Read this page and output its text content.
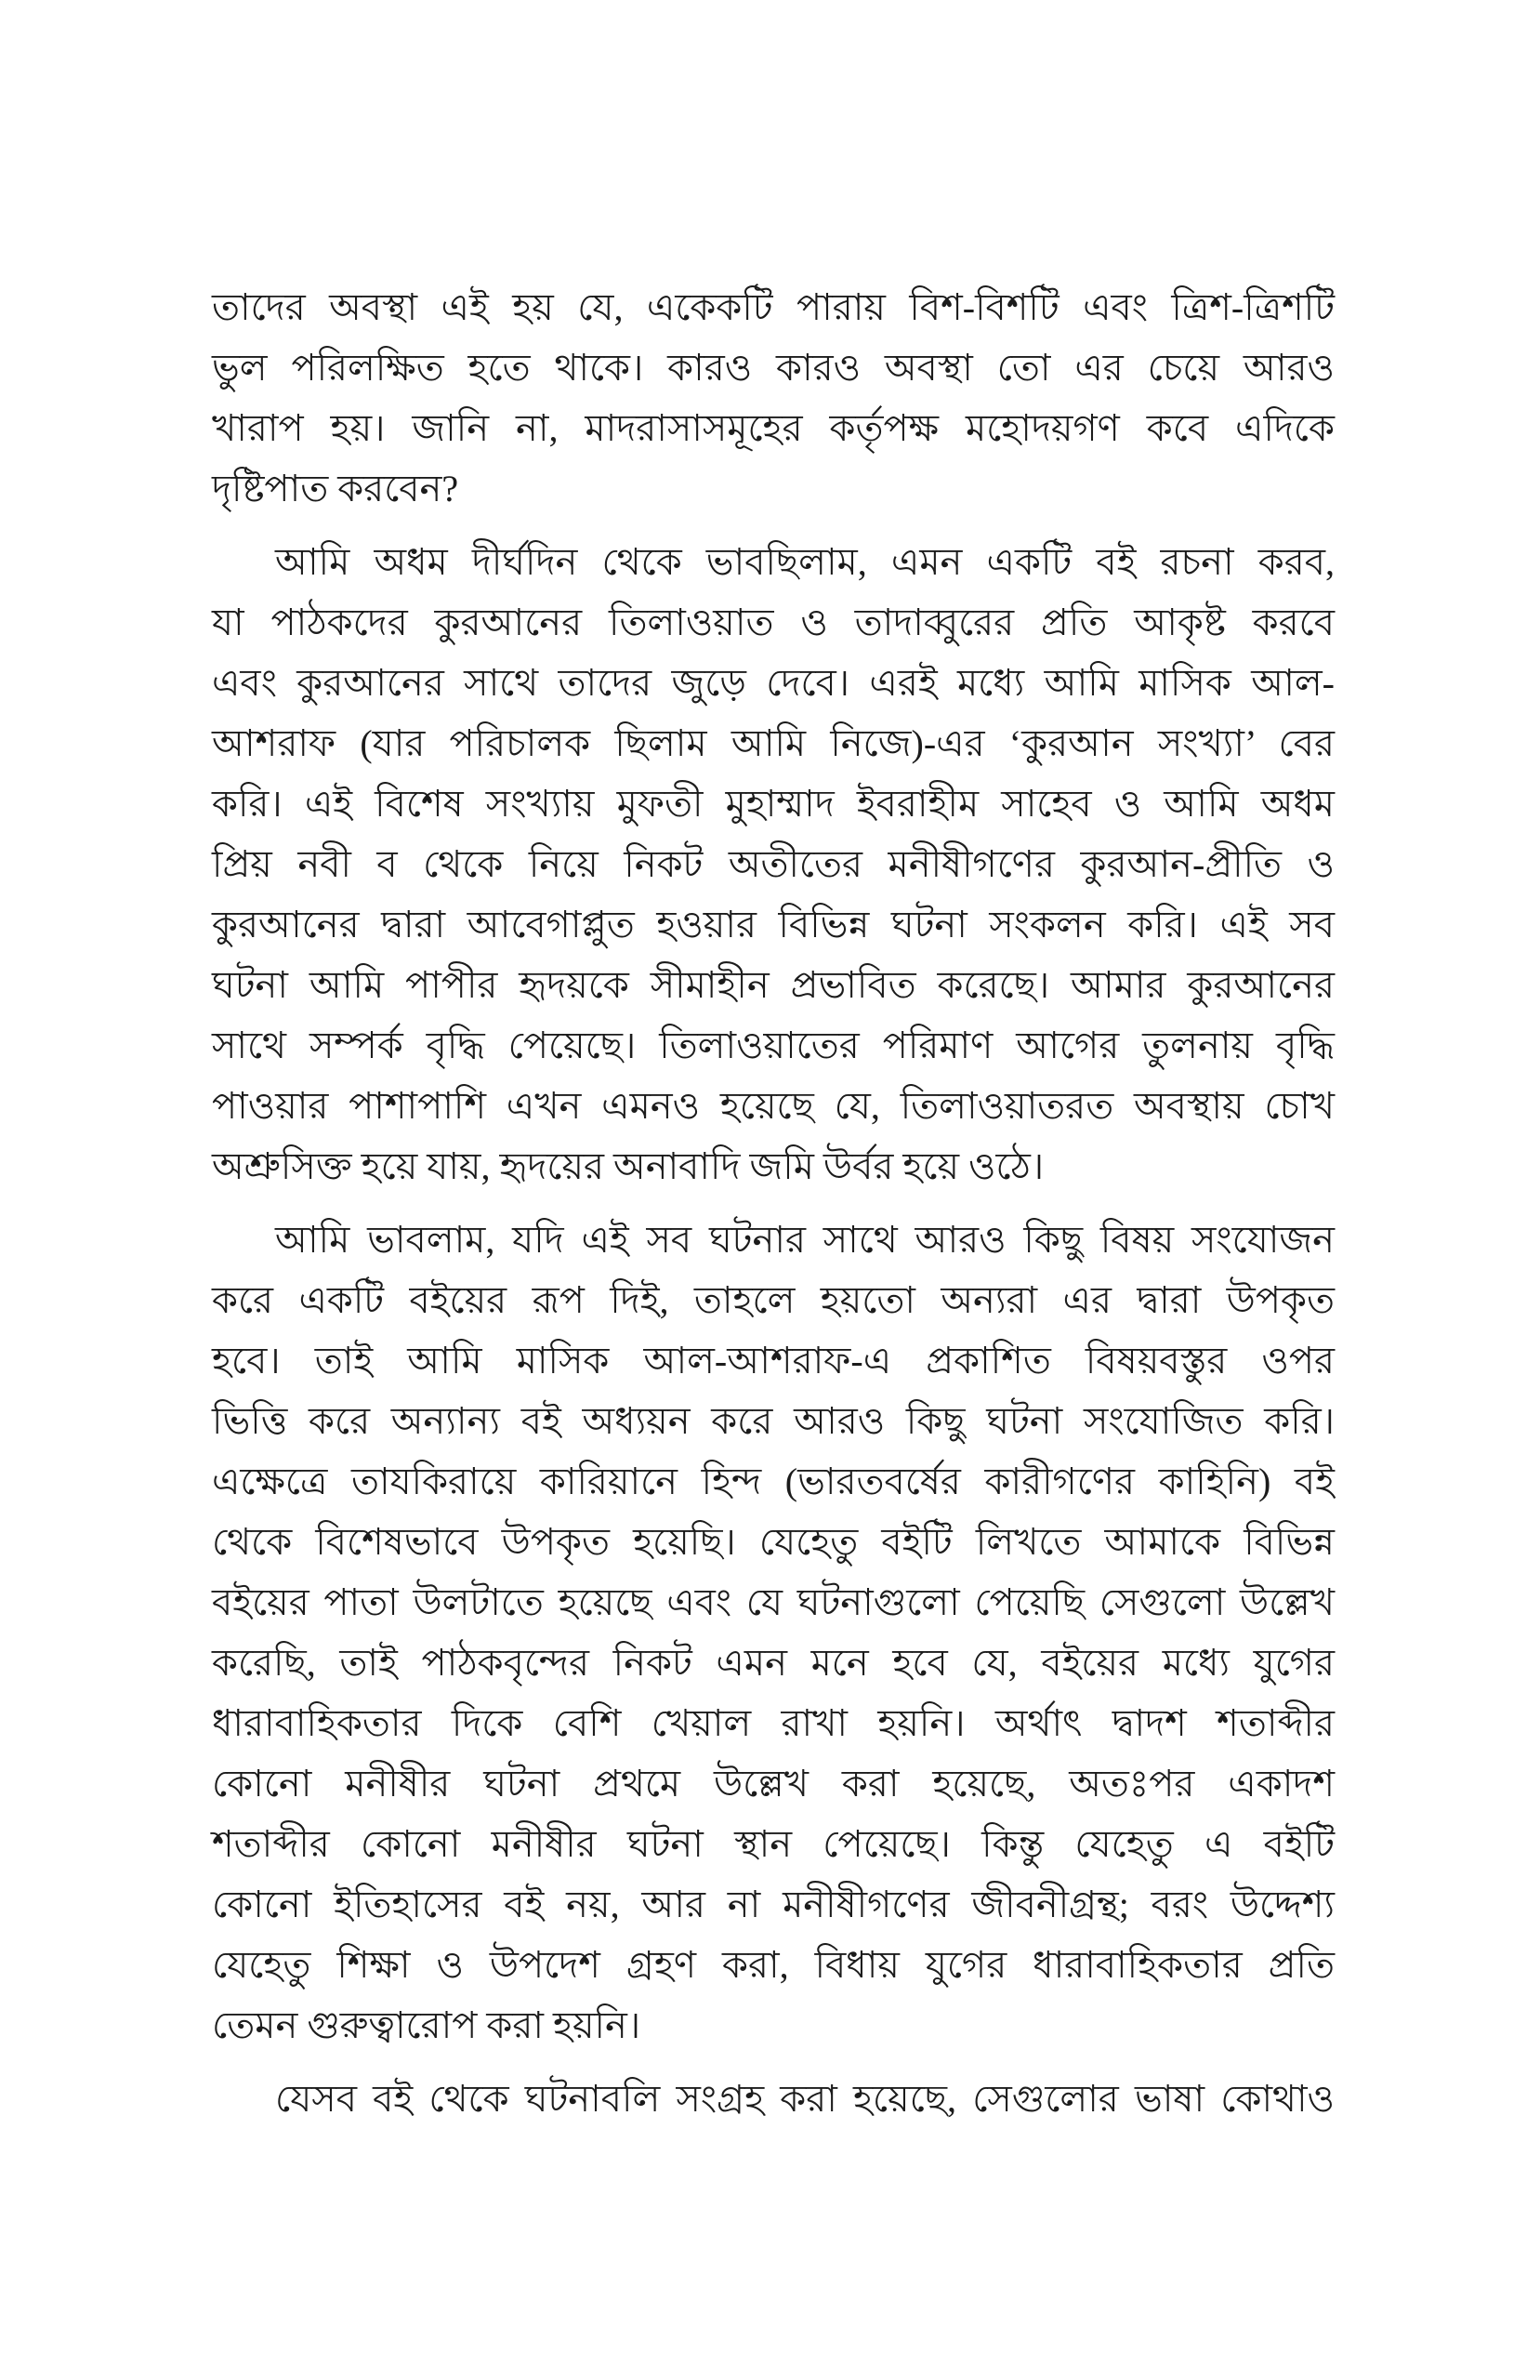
তাদের অবস্থা এই হয় যে, একেকটি পারায় বিশ-বিশটি এবং ত্রিশ-ত্রিশটি
ভুল পরিলক্ষিত হতে থাকে। কারও কারও অবস্থা তো এর চেয়ে আরও
খারাপ হয়। জানি না, মাদরাসাসমূহের কর্তৃপক্ষ মহোদয়গণ কবে এদিকে
দৃষ্টিপাত করবেন?
আমি অধম দীর্ঘদিন থেকে ভাবছিলাম, এমন একটি বই রচনা করব,
যা পাঠকদের কুরআনের তিলাওয়াত ও তাদাব্বুরের প্রতি আকৃষ্ট করবে
এবং কুরআনের সাথে তাদের জুড়ে দেবে। এরই মধ্যে আমি মাসিক আল-
আশরাফ (যার পরিচালক ছিলাম আমি নিজে)-এর ‘কুরআন সংখ্যা’ বের
করি। এই বিশেষ সংখ্যায় মুফতী মুহাম্মাদ ইবরাহীম সাহেব ও আমি অধম
প্রিয় নবী ব থেকে নিয়ে নিকট অতীতের মনীষীগণের কুরআন-প্রীতি ও
কুরআনের দ্বারা আবেগাপ্লুত হওয়ার বিভিন্ন ঘটনা সংকলন করি। এই সব
ঘটনা আমি পাপীর হৃদয়কে সীমাহীন প্রভাবিত করেছে। আমার কুরআনের
সাথে সম্পর্ক বৃদ্ধি পেয়েছে। তিলাওয়াতের পরিমাণ আগের তুলনায় বৃদ্ধি
পাওয়ার পাশাপাশি এখন এমনও হয়েছে যে, তিলাওয়াতরত অবস্থায় চোখ
অশ্রুসিক্ত হয়ে যায়, হৃদয়ের অনাবাদি জমি উর্বর হয়ে ওঠে।
আমি ভাবলাম, যদি এই সব ঘটনার সাথে আরও কিছু বিষয় সংযোজন
করে একটি বইয়ের রূপ দিই, তাহলে হয়তো অন্যরা এর দ্বারা উপকৃত
হবে। তাই আমি মাসিক আল-আশরাফ-এ প্রকাশিত বিষয়বস্তুর ওপর
ভিত্তি করে অন্যান্য বই অধ্যয়ন করে আরও কিছু ঘটনা সংযোজিত করি।
এক্ষেত্রে তাযকিরায়ে কারিয়ানে হিন্দ (ভারতবর্ষের কারীগণের কাহিনি) বই
থেকে বিশেষভাবে উপকৃত হয়েছি। যেহেতু বইটি লিখতে আমাকে বিভিন্ন
বইয়ের পাতা উলটাতে হয়েছে এবং যে ঘটনাগুলো পেয়েছি সেগুলো উল্লেখ
করেছি, তাই পাঠকবৃন্দের নিকট এমন মনে হবে যে, বইয়ের মধ্যে যুগের
ধারাবাহিকতার দিকে বেশি খেয়াল রাখা হয়নি। অর্থাৎ দ্বাদশ শতাব্দীর
কোনো মনীষীর ঘটনা প্রথমে উল্লেখ করা হয়েছে, অতঃপর একাদশ
শতাব্দীর কোনো মনীষীর ঘটনা স্থান পেয়েছে। কিন্তু যেহেতু এ বইটি
কোনো ইতিহাসের বই নয়, আর না মনীষীগণের জীবনীগ্রন্থ; বরং উদ্দেশ্য
যেহেতু শিক্ষা ও উপদেশ গ্রহণ করা, বিধায় যুগের ধারাবাহিকতার প্রতি
তেমন গুরুত্বারোপ করা হয়নি।
যেসব বই থেকে ঘটনাবলি সংগ্রহ করা হয়েছে, সেগুলোর ভাষা কোথাও
